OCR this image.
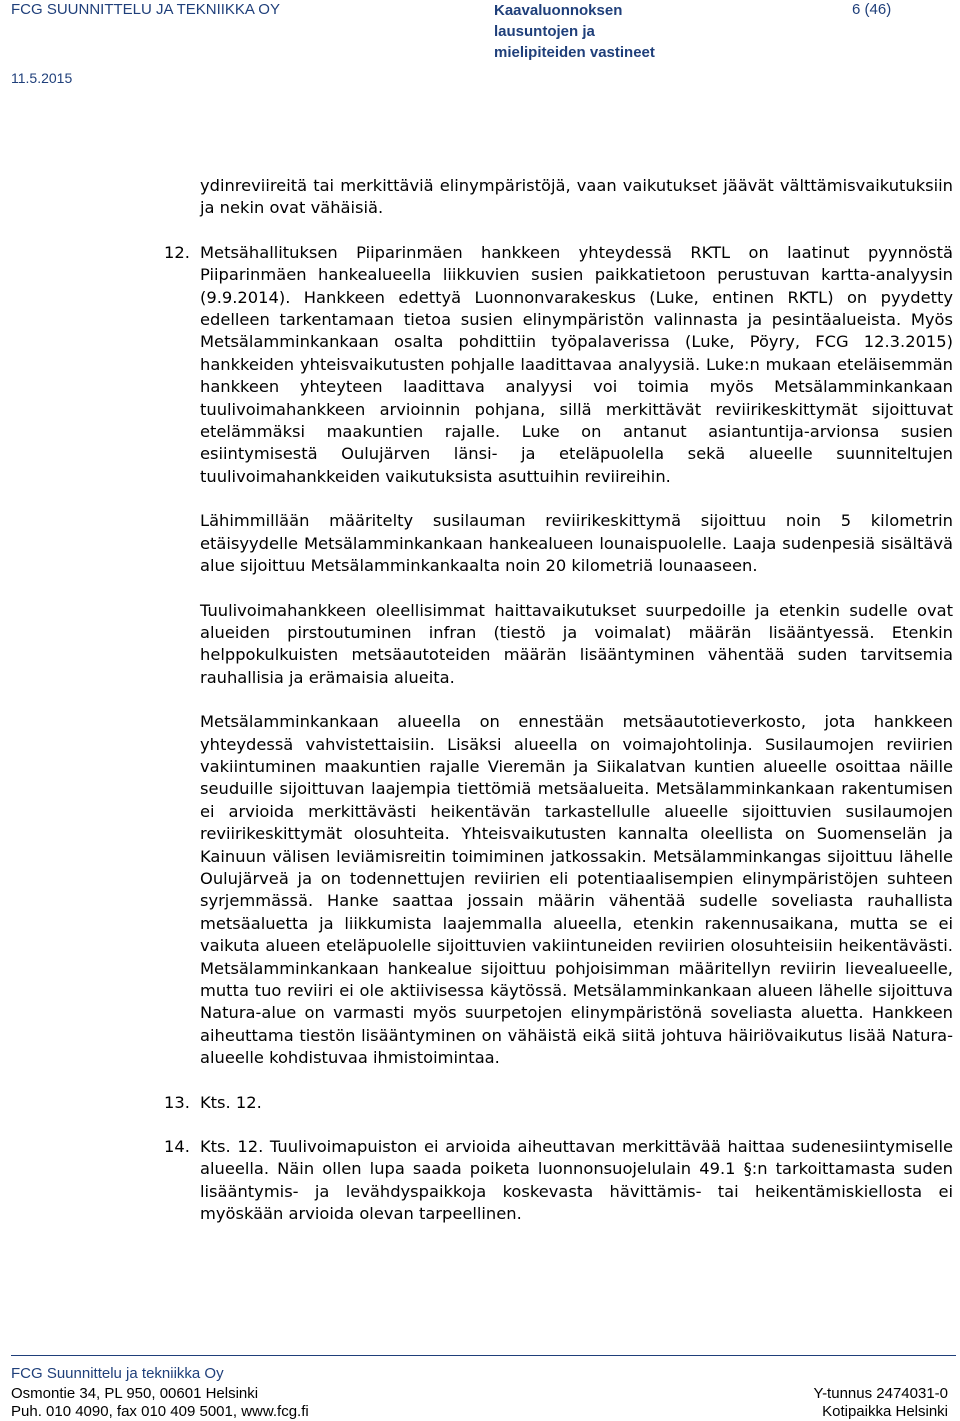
FCG SUUNNITTELU JA TEKNIIKKA OY	Kaavaluonnoksen
lausuntojen ja
mielipiteiden vastineet
6 (46)
11.5.2015

ydinreviireitä tai merkittäviä elinympäristöjä, vaan vaikutukset jäävät välttämisvaikutuksiin ja nekin ovat vähäisiä.

12. Metsähallituksen Piiparinmäen hankkeen yhteydessä RKTL on laatinut pyynnöstä Piiparinmäen hankealueella liikkuvien susien paikkatietoon perustuvan kartta-analyysin (9.9.2014). Hankkeen edettyä Luonnonvarakeskus (Luke, entinen RKTL) on pyydetty edelleen tarkentamaan tietoa susien elinympäristön valinnasta ja pesintäalueista. Myös Metsälamminkankaan osalta pohdittiin työpalaverissa (Luke, Pöyry, FCG 12.3.2015) hankkeiden yhteisvaikutusten pohjalle laadittavaa analyysiä. Luke:n mukaan eteläisemmän hankkeen yhteyteen laadittava analyysi voi toimia myös Metsälamminkankaan tuulivoimahankkeen arvioinnin pohjana, sillä merkittävät reviirikeskittymät sijoittuvat etelämmäksi maakuntien rajalle. Luke on antanut asiantuntija-arvionsa susien esiintymisestä Oulujärven länsi- ja eteläpuolella sekä alueelle suunniteltujen tuulivoimahankkeiden vaikutuksista asuttuihin reviireihin.

Lähimmillään määritelty susilauman reviirikeskittymä sijoittuu noin 5 kilometrin etäisyydelle Metsälamminkankaan hankealueen lounaispuolelle. Laaja sudenpesiä sisältävä alue sijoittuu Metsälamminkankaalta noin 20 kilometriä lounaaseen.

Tuulivoimahankkeen oleellisimmat haittavaikutukset suurpedoille ja etenkin sudelle ovat alueiden pirstoutuminen infran (tiestö ja voimalat) määrän lisääntyessä. Etenkin helppokulkuisten metsäautoteiden määrän lisääntyminen vähentää suden tarvitsemia rauhallisia ja erämaisia alueita.

Metsälamminkankaan alueella on ennestään metsäautotieverkosto, jota hankkeen yhteydessä vahvistettaisiin. Lisäksi alueella on voimajohtolinja. Susilaumojen reviirien vakiintuminen maakuntien rajalle Vieremän ja Siikalatvan kuntien alueelle osoittaa näille seuduille sijoittuvan laajempia tiettömiä metsäalueita. Metsälamminkankaan rakentumisen ei arvioida merkittävästi heikentävän tarkastellulle alueelle sijoittuvien susilaumojen reviirikeskittymät olosuhteita. Yhteisvaikutusten kannalta oleellista on Suomenselän ja Kainuun välisen leviämisreitin toimiminen jatkossakin. Metsälamminkangas sijoittuu lähelle Oulujärveä ja on todennettujen reviirien eli potentiaalisempien elinympäristöjen suhteen syrjemmässä. Hanke saattaa jossain määrin vähentää sudelle soveliasta rauhallista metsäaluetta ja liikkumista laajemmalla alueella, etenkin rakennusaikana, mutta se ei vaikuta alueen eteläpuolelle sijoittuvien vakiintuneiden reviirien olosuhteisiin heikentävästi. Metsälamminkankaan hankealue sijoittuu pohjoisimman määritellyn reviirin lievealueelle, mutta tuo reviiri ei ole aktiivisessa käytössä. Metsälamminkankaan alueen lähelle sijoittuva Natura-alue on varmasti myös suurpetojen elinympäristönä soveliasta aluetta. Hankkeen aiheuttama tiestön lisääntyminen on vähäistä eikä siitä johtuva häiriövaikutus lisää Natura-alueelle kohdistuvaa ihmistoimintaa.

13. Kts. 12.

14. Kts. 12. Tuulivoimapuiston ei arvioida aiheuttavan merkittävää haittaa sudenesiintymiselle alueella. Näin ollen lupa saada poiketa luonnonsuojelulain 49.1 §:n tarkoittamasta suden lisääntymis- ja levähdyspaikkoja koskevasta hävittämis- tai heikentämiskiellosta ei myöskään arvioida olevan tarpeellinen.

FCG Suunnittelu ja tekniikka Oy
Osmontie 34, PL 950, 00601 Helsinki
Puh. 010 4090, fax 010 409 5001, www.fcg.fi
Y-tunnus 2474031-0
Kotipaikka Helsinki
